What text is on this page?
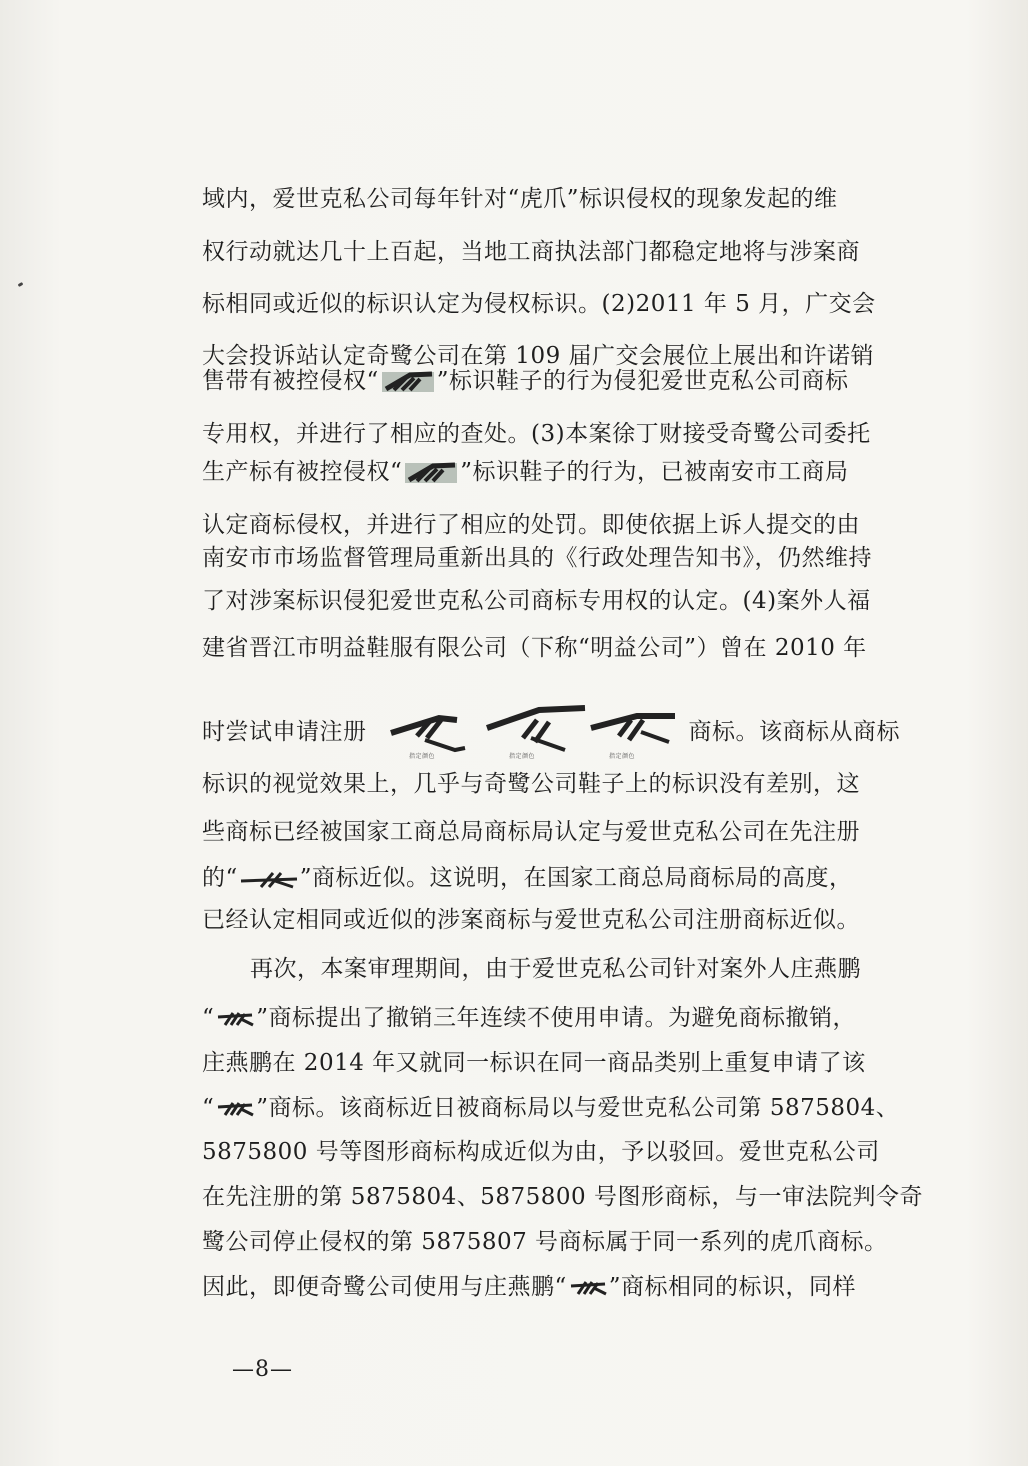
域内，爱世克私公司每年针对“虎爪”标识侵权的现象发起的维
权行动就达几十上百起，当地工商执法部门都稳定地将与涉案商
标相同或近似的标识认定为侵权标识。(2)2011 年 5 月，广交会
大会投诉站认定奇鹭公司在第 109 届广交会展位上展出和许诺销
售带有被控侵权“	”标识鞋子的行为侵犯爱世克私公司商标
专用权，并进行了相应的查处。(3)本案徐丁财接受奇鹭公司委托
生产标有被控侵权“	”标识鞋子的行为，已被南安市工商局
认定商标侵权，并进行了相应的处罚。即使依据上诉人提交的由
南安市市场监督管理局重新出具的《行政处理告知书》，仍然维持
了对涉案标识侵犯爱世克私公司商标专用权的认定。(4)案外人福
建省晋江市明益鞋服有限公司（下称“明益公司”）曾在 2010 年
时尝试申请注册
指定颜色	指定颜色	指定颜色
商标。该商标从商标
标识的视觉效果上，几乎与奇鹭公司鞋子上的标识没有差别，这
些商标已经被国家工商总局商标局认定与爱世克私公司在先注册
的“	”商标近似。这说明，在国家工商总局商标局的高度，
已经认定相同或近似的涉案商标与爱世克私公司注册商标近似。
再次，本案审理期间，由于爱世克私公司针对案外人庄燕鹏
“ ”商标提出了撤销三年连续不使用申请。为避免商标撤销，
庄燕鹏在 2014 年又就同一标识在同一商品类别上重复申请了该
“ ”商标。该商标近日被商标局以与爱世克私公司第 5875804、
5875800 号等图形商标构成近似为由，予以驳回。爱世克私公司
在先注册的第 5875804、5875800 号图形商标，与一审法院判令奇
鹭公司停止侵权的第 5875807 号商标属于同一系列的虎爪商标。
因此，即便奇鹭公司使用与庄燕鹏“ ”商标相同的标识，同样
—8—
